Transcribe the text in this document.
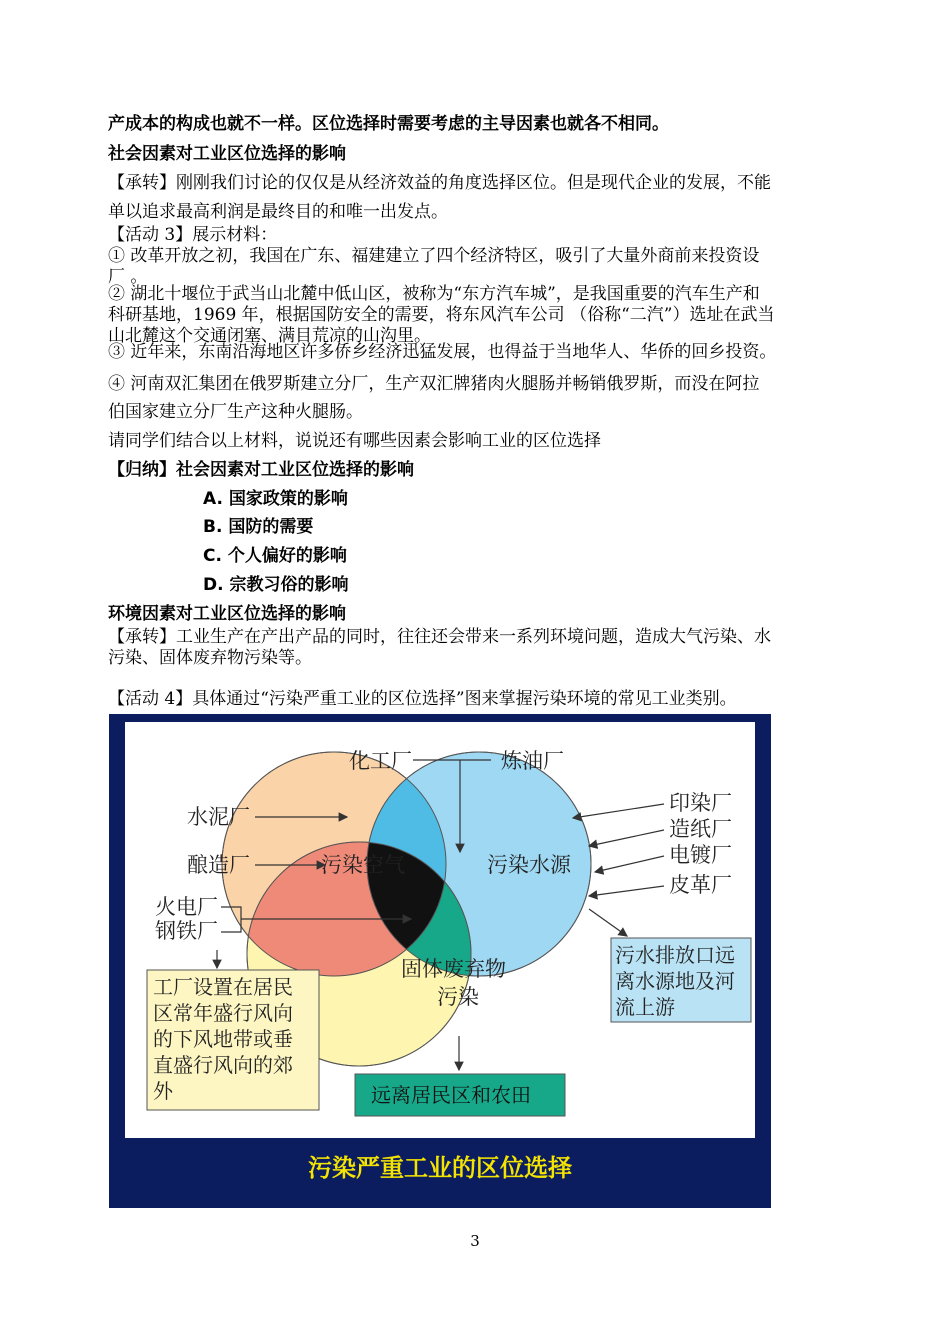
产成本的构成也就不一样。区位选择时需要考虑的主导因素也就各不相同。
社会因素对工业区位选择的影响
【承转】刚刚我们讨论的仅仅是从经济效益的角度选择区位。但是现代企业的发展，不能
单以追求最高利润是最终目的和唯一出发点。
【活动 3】展示材料：
① 改革开放之初，我国在广东、福建建立了四个经济特区，吸引了大量外商前来投资设
厂 。
② 湖北十堰位于武当山北麓中低山区，被称为“东方汽车城”，是我国重要的汽车生产和
科研基地，1969 年，根据国防安全的需要，将东风汽车公司 （俗称“二汽”）选址在武当
山北麓这个交通闭塞、满目荒凉的山沟里。
③ 近年来，东南沿海地区许多侨乡经济迅猛发展，也得益于当地华人、华侨的回乡投资。
④ 河南双汇集团在俄罗斯建立分厂，生产双汇牌猪肉火腿肠并畅销俄罗斯，而没在阿拉
伯国家建立分厂生产这种火腿肠。
请同学们结合以上材料，说说还有哪些因素会影响工业的区位选择
【归纳】社会因素对工业区位选择的影响
A. 国家政策的影响
B. 国防的需要
C. 个人偏好的影响
D. 宗教习俗的影响
环境因素对工业区位选择的影响
【承转】工业生产在产出产品的同时，往往还会带来一系列环境问题，造成大气污染、水
污染、固体废弃物污染等。
【活动 4】具体通过“污染严重工业的区位选择”图来掌握污染环境的常见工业类别。
污染空气	污染水源
固体废弃物
污染
化工厂	炼油厂
水泥厂
酿造厂
火电厂
钢铁厂
印染厂
造纸厂
电镀厂
皮革厂
工厂设置在居民
区常年盛行风向
的下风地带或垂
直盛行风向的郊
外
污水排放口远
离水源地及河
流上游
远离居民区和农田
污染严重工业的区位选择
3
